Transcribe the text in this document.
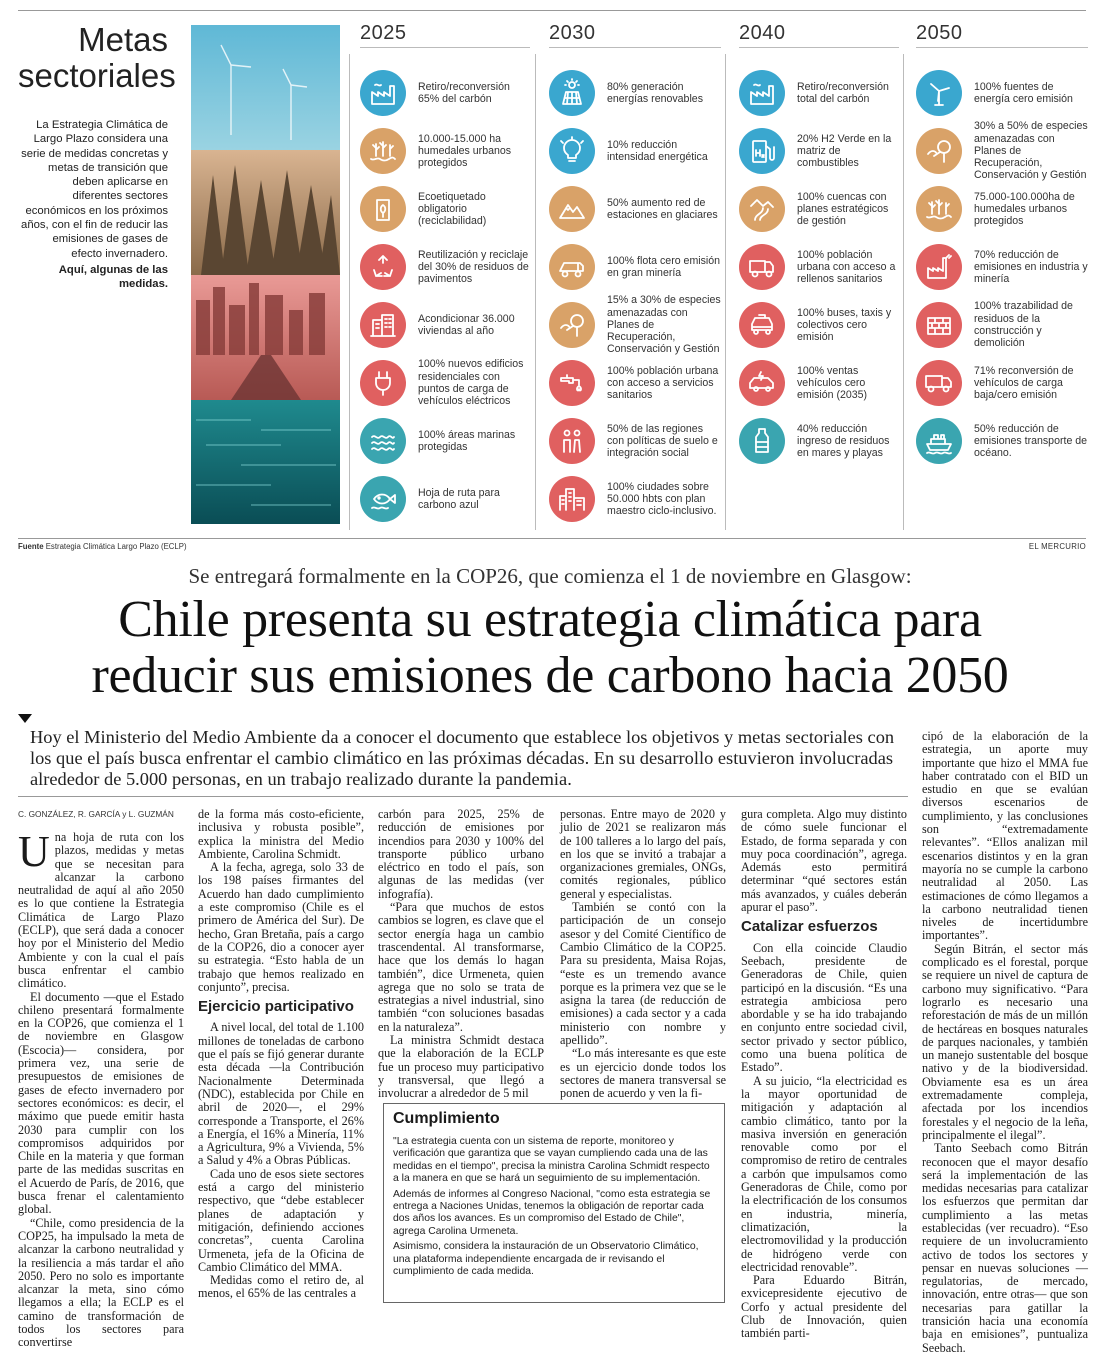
Metas
sectoriales
La Estrategia Climática de Largo Plazo considera una serie de medidas concretas y metas de transición que deben aplicarse en diferentes sectores económicos en los próximos años, con el fin de reducir las emisiones de gases de efecto invernadero.
Aquí, algunas de las medidas.
2025
Retiro/reconversión 65% del carbón
10.000-15.000 ha humedales urbanos protegidos
Ecoetiquetado obligatorio (reciclabilidad)
Reutilización y reciclaje del 30% de residuos de pavimentos
Acondicionar 36.000 viviendas al año
100% nuevos edificios residenciales con puntos de carga de vehículos eléctricos
100% áreas marinas protegidas
Hoja de ruta para carbono azul
2030
80% generación energías renovables
10% reducción intensidad energética
50% aumento red de estaciones en glaciares
100% flota cero emisión en gran minería
15% a 30% de especies amenazadas con Planes de Recuperación, Conservación y Gestión
100% población urbana con acceso a servicios sanitarios
50% de las regiones con políticas de suelo e integración social
100% ciudades sobre 50.000 hbts con plan maestro ciclo-inclusivo.
2040
Retiro/reconversión total del carbón
20% H2 Verde en la matriz de combustibles
100% cuencas con planes estratégicos de gestión
100% población urbana con acceso a rellenos sanitarios
100% buses, taxis y colectivos cero emisión
100% ventas vehículos cero emisión (2035)
40% reducción ingreso de residuos en mares y playas
2050
100% fuentes de energía cero emisión
30% a 50% de especies amenazadas con Planes de Recuperación, Conservación y Gestión
75.000-100.000ha de humedales urbanos protegidos
70% reducción de emisiones en industria y minería
100% trazabilidad de residuos de la construcción y demolición
71% reconversión de vehículos de carga baja/cero emisión
50% reducción de emisiones transporte de océano.
Fuente Estrategia Climática Largo Plazo (ECLP)	EL MERCURIO
Se entregará formalmente en la COP26, que comienza el 1 de noviembre en Glasgow:
Chile presenta su estrategia climática para
reducir sus emisiones de carbono hacia 2050
Hoy el Ministerio del Medio Ambiente da a conocer el documento que establece los objetivos y metas sectoriales con los que el país busca enfrentar el cambio climático en las próximas décadas. En su desarrollo estuvieron involucradas alrededor de 5.000 personas, en un trabajo realizado durante la pandemia.
C. GONZÁLEZ, R. GARCÍA y L. GUZMÁN
U na hoja de ruta con los plazos, medidas y metas que se necesitan para alcanzar la carbono neutralidad de aquí al año 2050 es lo que contiene la Estrategia Climática de Largo Plazo (ECLP), que será dada a conocer hoy por el Ministerio del Medio Ambiente y con la cual el país busca enfrentar el cambio climático.

El documento —que el Estado chileno presentará formalmente en la COP26, que comienza el 1 de noviembre en Glasgow (Escocia)— considera, por primera vez, una serie de presupuestos de emisiones de gases de efecto invernadero por sectores económicos: es decir, el máximo que puede emitir hasta 2030 para cumplir con los compromisos adquiridos por Chile en la materia y que forman parte de las medidas suscritas en el Acuerdo de París, de 2016, que busca frenar el calentamiento global.

“Chile, como presidencia de la COP25, ha impulsado la meta de alcanzar la carbono neutralidad y la resiliencia a más tardar el año 2050. Pero no solo es importante alcanzar la meta, sino cómo llegamos a ella; la ECLP es el camino de transformación de todos los sectores para convertirse

de la forma más costo-eficiente, inclusiva y robusta posible”, explica la ministra del Medio Ambiente, Carolina Schmidt.

A la fecha, agrega, solo 33 de los 198 países firmantes del Acuerdo han dado cumplimiento a este compromiso (Chile es el primero de América del Sur). De hecho, Gran Bretaña, país a cargo de la COP26, dio a conocer ayer su estrategia. “Esto habla de un trabajo que hemos realizado en conjunto”, precisa.

Ejercicio participativo

A nivel local, del total de 1.100 millones de toneladas de carbono que el país se fijó generar durante esta década —la Contribución Nacionalmente Determinada (NDC), establecida por Chile en abril de 2020—, el 29% corresponde a Transporte, el 26% a Energía, el 16% a Minería, 11% a Agricultura, 9% a Vivienda, 5% a Salud y 4% a Obras Públicas.

Cada uno de esos siete sectores está a cargo del ministerio respectivo, que “debe establecer planes de adaptación y mitigación, definiendo acciones concretas”, cuenta Carolina Urmeneta, jefa de la Oficina de Cambio Climático del MMA.

Medidas como el retiro de, al menos, el 65% de las centrales a

carbón para 2025, 25% de reducción de emisiones por incendios para 2030 y 100% del transporte público urbano eléctrico en todo el país, son algunas de las medidas (ver infografía).

“Para que muchos de estos cambios se logren, es clave que el sector energía haga un cambio trascendental. Al transformarse, hace que los demás lo hagan también”, dice Urmeneta, quien agrega que no solo se trata de estrategias a nivel industrial, sino también “con soluciones basadas en la naturaleza”.

La ministra Schmidt destaca que la elaboración de la ECLP fue un proceso muy participativo y transversal, que llegó a involucrar a alrededor de 5 mil

personas. Entre mayo de 2020 y julio de 2021 se realizaron más de 100 talleres a lo largo del país, en los que se invitó a trabajar a organizaciones gremiales, ONGs, comités regionales, público general y especialistas.

También se contó con la participación de un consejo asesor y del Comité Científico de Cambio Climático de la COP25. Para su presidenta, Maisa Rojas, “este es un tremendo avance porque es la primera vez que se le asigna la tarea (de reducción de emisiones) a cada sector y a cada ministerio con nombre y apellido”.

“Lo más interesante es que este es un ejercicio donde todos los sectores de manera transversal se ponen de acuerdo y ven la fi-

gura completa. Algo muy distinto de cómo suele funcionar el Estado, de forma separada y con muy poca coordinación”, agrega. Además esto permitirá determinar “qué sectores están más avanzados, y cuáles deberán apurar el paso”.

Catalizar esfuerzos

Con ella coincide Claudio Seebach, presidente de Generadoras de Chile, quien participó en la discusión. “Es una estrategia ambiciosa pero abordable y se ha ido trabajando en conjunto entre sociedad civil, sector privado y sector público, como una buena política de Estado”.

A su juicio, “la electricidad es la mayor oportunidad de mitigación y adaptación al cambio climático, tanto por la masiva inversión en generación renovable como por el compromiso de retiro de centrales a carbón que impulsamos como Generadoras de Chile, como por la electrificación de los consumos en industria, minería, climatización, la electromovilidad y la producción de hidrógeno verde con electricidad renovable”.

Para Eduardo Bitrán, exvicepresidente ejecutivo de Corfo y actual presidente del Club de Innovación, quien también parti-

cipó de la elaboración de la estrategia, un aporte muy importante que hizo el MMA fue haber contratado con el BID un estudio en que se evalúan diversos escenarios de cumplimiento, y las conclusiones son “extremadamente relevantes”. “Ellos analizan mil escenarios distintos y en la gran mayoría no se cumple la carbono neutralidad al 2050. Las estimaciones de cómo llegamos a la carbono neutralidad tienen niveles de incertidumbre importantes”.

Según Bitrán, el sector más complicado es el forestal, porque se requiere un nivel de captura de carbono muy significativo. “Para lograrlo es necesario una reforestación de más de un millón de hectáreas en bosques naturales de parques nacionales, y también un manejo sustentable del bosque nativo y de la biodiversidad. Obviamente esa es un área extremadamente compleja, afectada por los incendios forestales y el negocio de la leña, principalmente el ilegal”.

Tanto Seebach como Bitrán reconocen que el mayor desafío será la implementación de las medidas necesarias para catalizar los esfuerzos que permitan dar cumplimiento a las metas establecidas (ver recuadro). “Eso requiere de un involucramiento activo de todos los sectores y pensar en nuevas soluciones —regulatorias, de mercado, innovación, entre otras— que son necesarias para gatillar la transición hacia una economía baja en emisiones”, puntualiza Seebach.

Cumplimiento

"La estrategia cuenta con un sistema de reporte, monitoreo y verificación que garantiza que se vayan cumpliendo cada una de las medidas en el tiempo", precisa la ministra Carolina Schmidt respecto a la manera en que se hará un seguimiento de su implementación.

Además de informes al Congreso Nacional, "como esta estrategia se entrega a Naciones Unidas, tenemos la obligación de reportar cada dos años los avances. Es un compromiso del Estado de Chile", agrega Carolina Urmeneta.

Asimismo, considera la instauración de un Observatorio Climático, una plataforma independiente encargada de ir revisando el cumplimiento de cada medida.
